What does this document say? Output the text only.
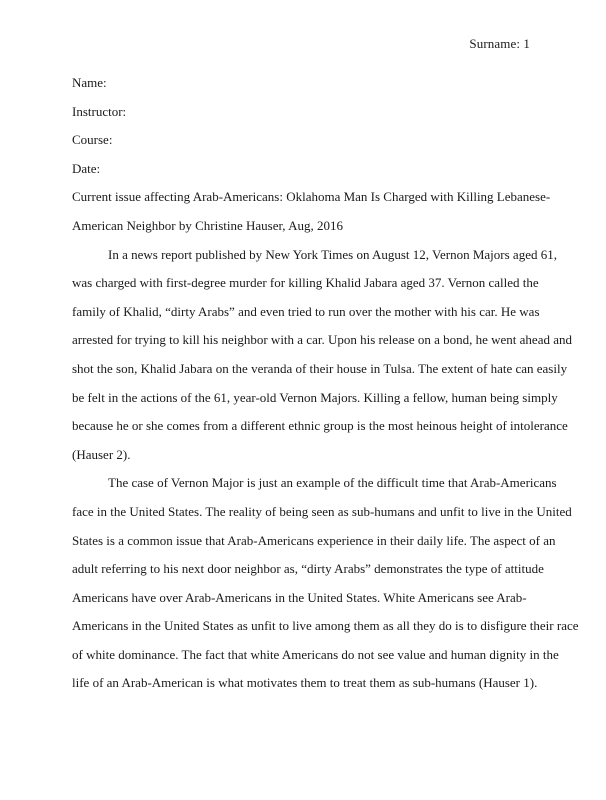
Surname: 1
Name:
Instructor:
Course:
Date:
Current issue affecting Arab-Americans: Oklahoma Man Is Charged with Killing Lebanese-
American Neighbor by Christine Hauser, Aug, 2016
In a news report published by New York Times on August 12, Vernon Majors aged 61,
was charged with first-degree murder for killing Khalid Jabara aged 37. Vernon called the
family of Khalid, “dirty Arabs” and even tried to run over the mother with his car. He was
arrested for trying to kill his neighbor with a car. Upon his release on a bond, he went ahead and
shot the son, Khalid Jabara on the veranda of their house in Tulsa. The extent of hate can easily
be felt in the actions of the 61, year-old Vernon Majors. Killing a fellow, human being simply
because he or she comes from a different ethnic group is the most heinous height of intolerance
(Hauser 2).
The case of Vernon Major is just an example of the difficult time that Arab-Americans
face in the United States. The reality of being seen as sub-humans and unfit to live in the United
States is a common issue that Arab-Americans experience in their daily life. The aspect of an
adult referring to his next door neighbor as, “dirty Arabs” demonstrates the type of attitude
Americans have over Arab-Americans in the United States. White Americans see Arab-
Americans in the United States as unfit to live among them as all they do is to disfigure their race
of white dominance. The fact that white Americans do not see value and human dignity in the
life of an Arab-American is what motivates them to treat them as sub-humans (Hauser 1).
